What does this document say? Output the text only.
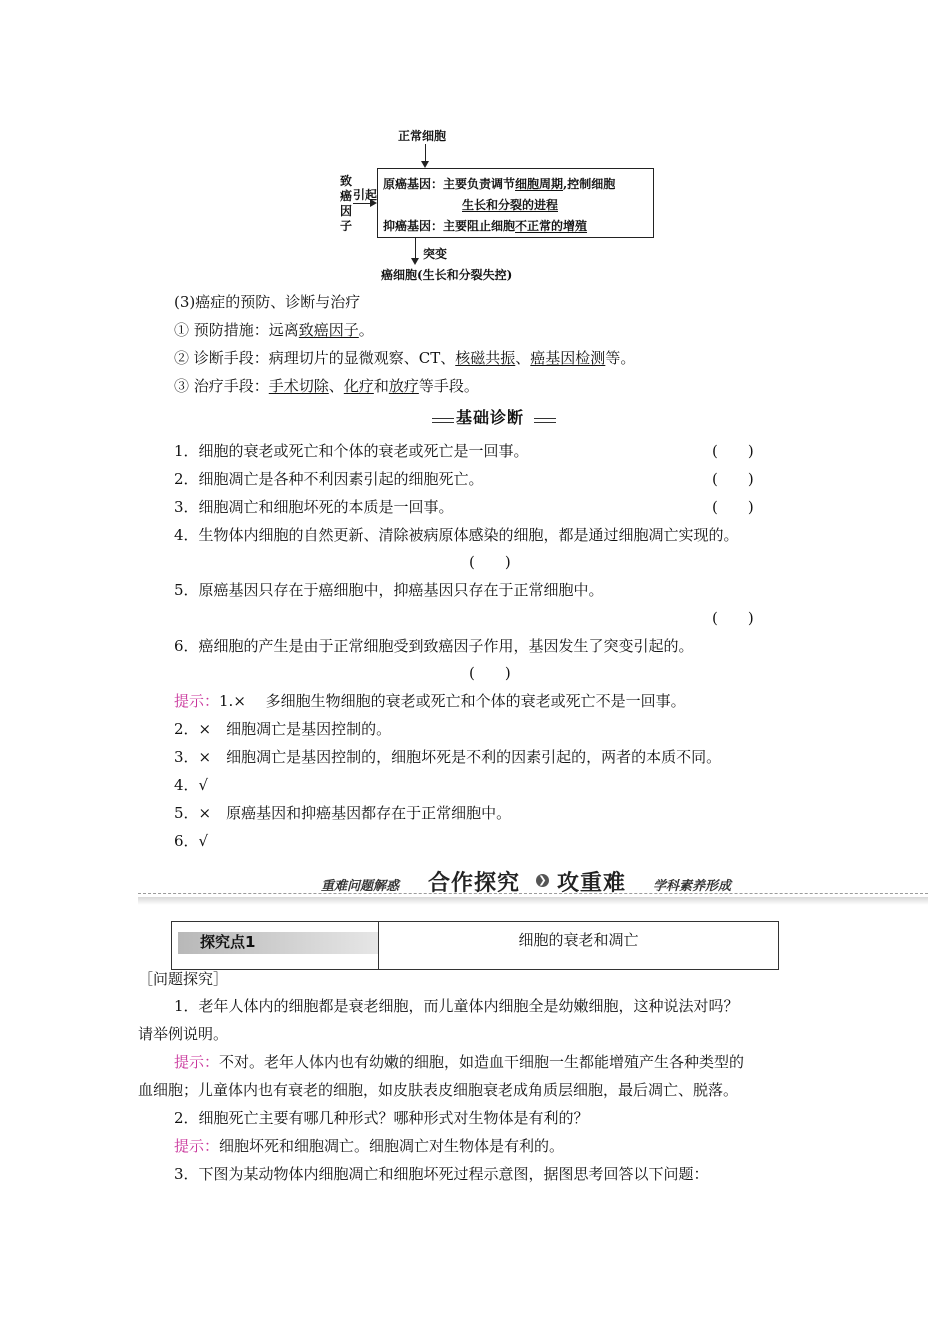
正常细胞
致
癌
因
子
引起
原癌基因：主要负责调节细胞周期,控制细胞
生长和分裂的进程
抑癌基因：主要阻止细胞不正常的增殖
突变
癌细胞(生长和分裂失控)
(3)癌症的预防、诊断与治疗
① 预防措施：远离致癌因子。
② 诊断手段：病理切片的显微观察、CT、核磁共振、癌基因检测等。
③ 治疗手段：手术切除、化疗和放疗等手段。
基础诊断
1．细胞的衰老或死亡和个体的衰老或死亡是一回事。	(　　)
2．细胞凋亡是各种不利因素引起的细胞死亡。	(　　)
3．细胞凋亡和细胞坏死的本质是一回事。	(　　)
4．生物体内细胞的自然更新、清除被病原体感染的细胞，都是通过细胞凋亡实现的。
(　　)
5．原癌基因只存在于癌细胞中，抑癌基因只存在于正常细胞中。
(　　)
6．癌细胞的产生是由于正常细胞受到致癌因子作用，基因发生了突变引起的。
(　　)
提示：1.×　 多细胞生物细胞的衰老或死亡和个体的衰老或死亡不是一回事。
2．×　细胞凋亡是基因控制的。
3．×　细胞凋亡是基因控制的，细胞坏死是不利的因素引起的，两者的本质不同。
4．√
5．×　原癌基因和抑癌基因都存在于正常细胞中。
6．√
重难问题解惑 合作探究 ❯ 攻重难 学科素养形成
探究点1	细胞的衰老和凋亡
［问题探究］
1．老年人体内的细胞都是衰老细胞，而儿童体内细胞全是幼嫩细胞，这种说法对吗？
请举例说明。
提示：不对。老年人体内也有幼嫩的细胞，如造血干细胞一生都能增殖产生各种类型的
血细胞；儿童体内也有衰老的细胞，如皮肤表皮细胞衰老成角质层细胞，最后凋亡、脱落。
2．细胞死亡主要有哪几种形式？哪种形式对生物体是有利的？
提示：细胞坏死和细胞凋亡。细胞凋亡对生物体是有利的。
3．下图为某动物体内细胞凋亡和细胞坏死过程示意图，据图思考回答以下问题：
